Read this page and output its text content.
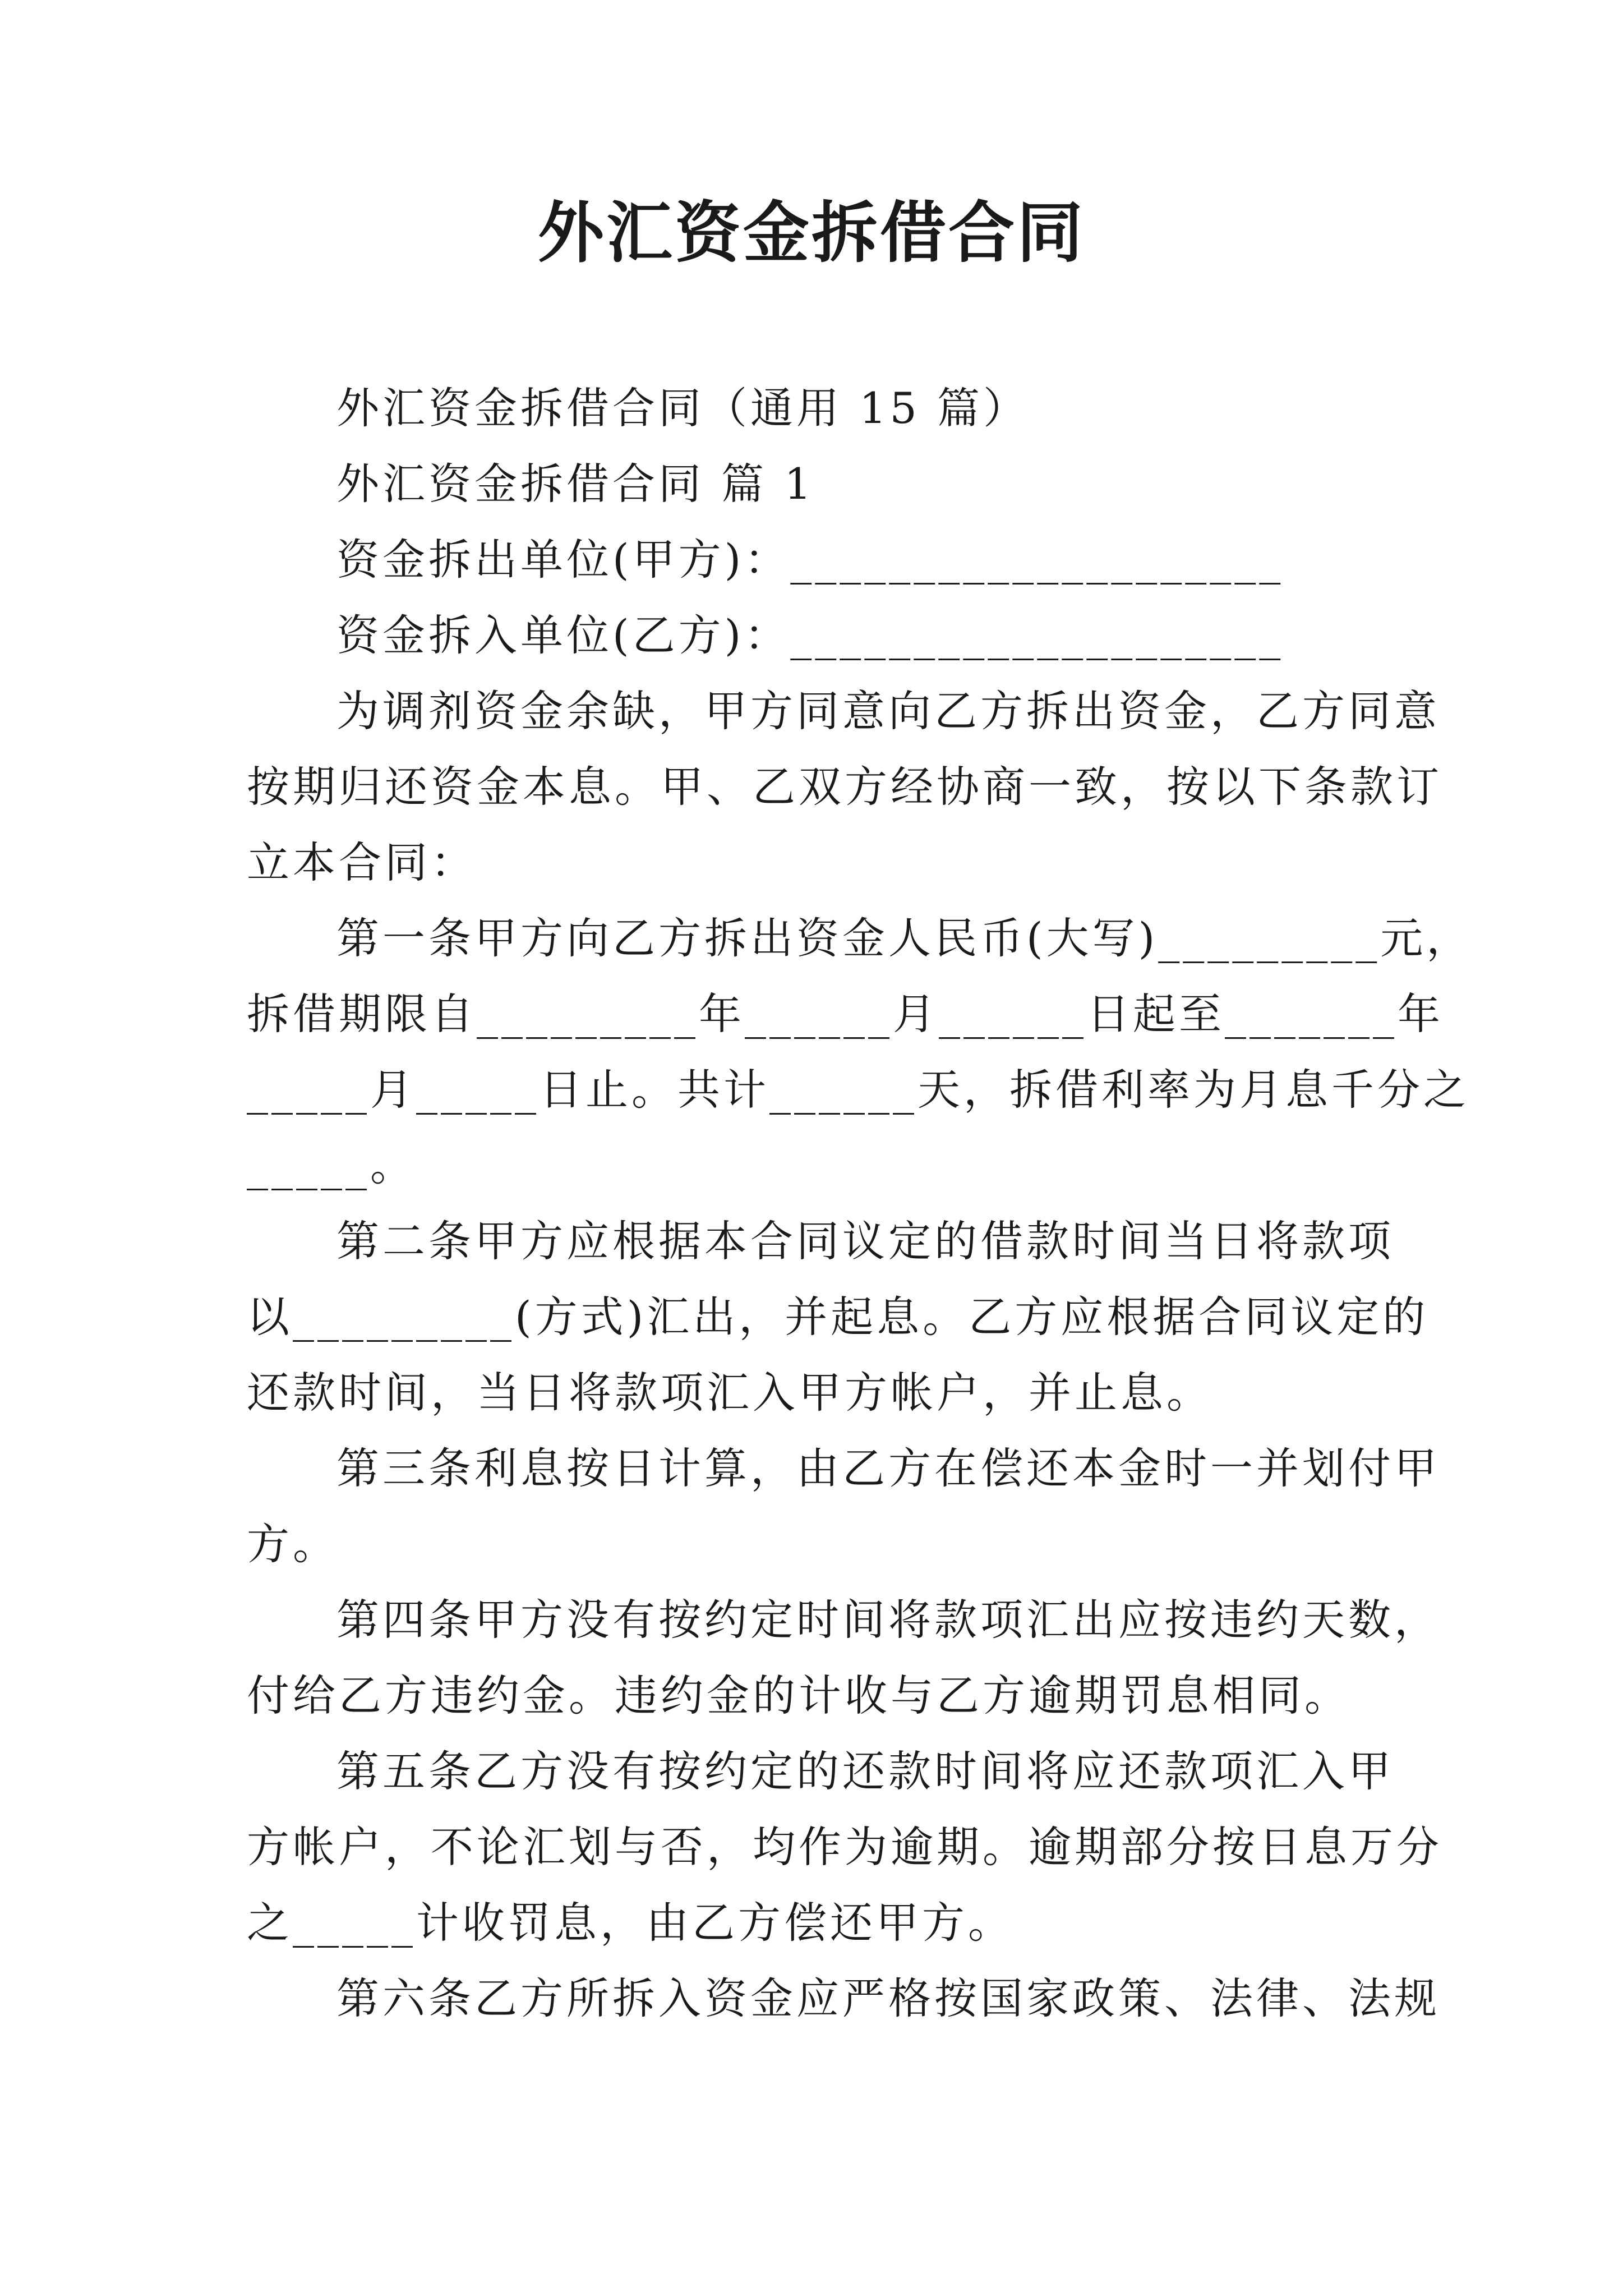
外汇资金拆借合同
外汇资金拆借合同（通用 15 篇）
外汇资金拆借合同 篇 1
资金拆出单位(甲方)：____________________
资金拆入单位(乙方)：____________________
为调剂资金余缺，甲方同意向乙方拆出资金，乙方同意
按期归还资金本息。甲、乙双方经协商一致，按以下条款订
立本合同：
第一条甲方向乙方拆出资金人民币(大写)_________元，
拆借期限自_________年______月______日起至_______年
_____月_____日止。共计______天，拆借利率为月息千分之
_____。
第二条甲方应根据本合同议定的借款时间当日将款项
以_________(方式)汇出，并起息。乙方应根据合同议定的
还款时间，当日将款项汇入甲方帐户，并止息。
第三条利息按日计算，由乙方在偿还本金时一并划付甲
方。
第四条甲方没有按约定时间将款项汇出应按违约天数，
付给乙方违约金。违约金的计收与乙方逾期罚息相同。
第五条乙方没有按约定的还款时间将应还款项汇入甲
方帐户，不论汇划与否，均作为逾期。逾期部分按日息万分
之_____计收罚息，由乙方偿还甲方。
第六条乙方所拆入资金应严格按国家政策、法律、法规
